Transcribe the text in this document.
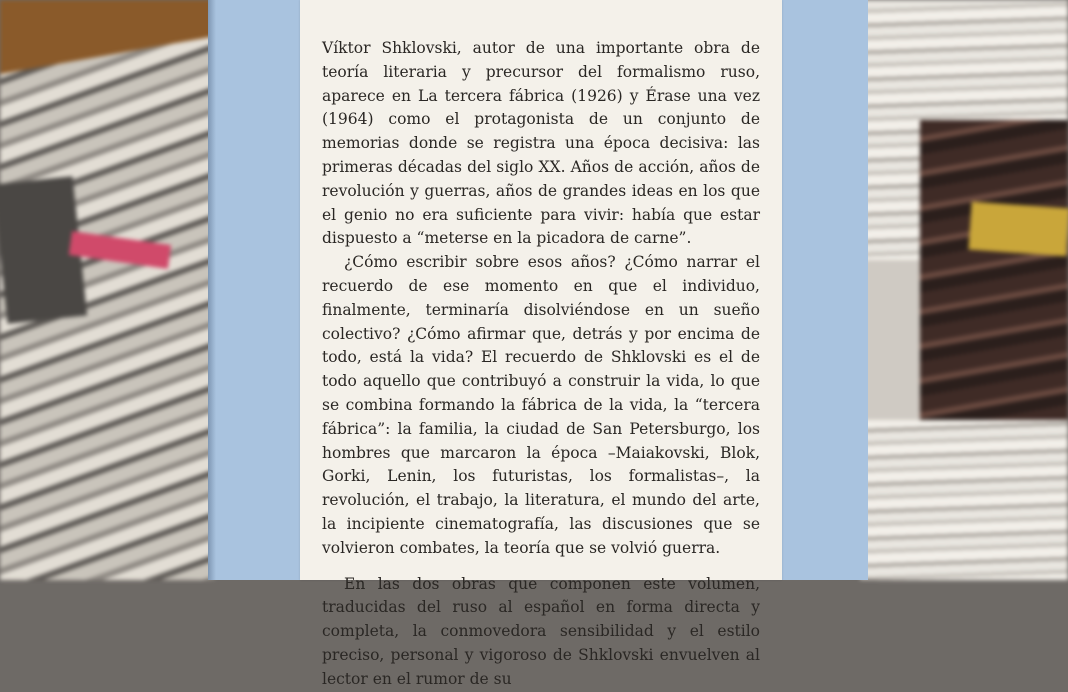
Víktor Shklovski, autor de una importante obra de teoría literaria y precursor del formalismo ruso, aparece en La tercera fábrica (1926) y Érase una vez (1964) como el protagonista de un conjunto de memorias donde se registra una época decisiva: las primeras décadas del siglo XX. Años de acción, años de revolución y guerras, años de grandes ideas en los que el genio no era suficiente para vivir: había que estar dispuesto a “meterse en la picadora de carne”.

¿Cómo escribir sobre esos años? ¿Cómo narrar el recuerdo de ese momento en que el individuo, finalmente, terminaría disolviéndose en un sueño colectivo? ¿Cómo afirmar que, detrás y por encima de todo, está la vida? El recuerdo de Shklovski es el de todo aquello que contribuyó a construir la vida, lo que se combina formando la fábrica de la vida, la “tercera fábrica”: la familia, la ciudad de San Petersburgo, los hombres que marcaron la época –Maiakovski, Blok, Gorki, Lenin, los futuristas, los formalistas–, la revolución, el trabajo, la literatura, el mundo del arte, la incipiente cinematografía, las discusiones que se volvieron combates, la teoría que se volvió guerra.

En las dos obras que componen este volumen, traducidas del ruso al español en forma directa y completa, la conmovedora sensibilidad y el estilo preciso, personal y vigoroso de Shklovski envuelven al lector en el rumor de su
